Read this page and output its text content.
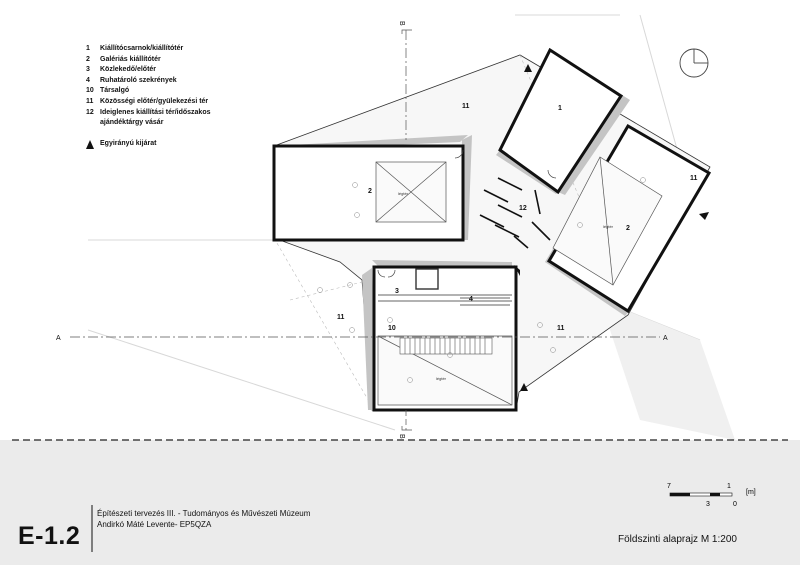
11	1
11
2
2
12
3
4
10
11
11
légtér
légtér
légtér
B
B
A	A
7	1
3	0
[m]
1	Kiállítócsarnok/kiállítótér
2	Galériás kiállítótér
3	Közlekedő/előtér
4	Ruhatároló szekrények
10 Társalgó
11 Közösségi előtér/gyülekezési tér
12 Ideiglenes kiállítási tér/időszakos ajándéktárgy vásár
Egyirányú kijárat
E-1.2
Építészeti tervezés III. - Tudományos és Művészeti Múzeum
Andirkó Máté Levente- EP5QZA
Földszinti alaprajz M 1:200
